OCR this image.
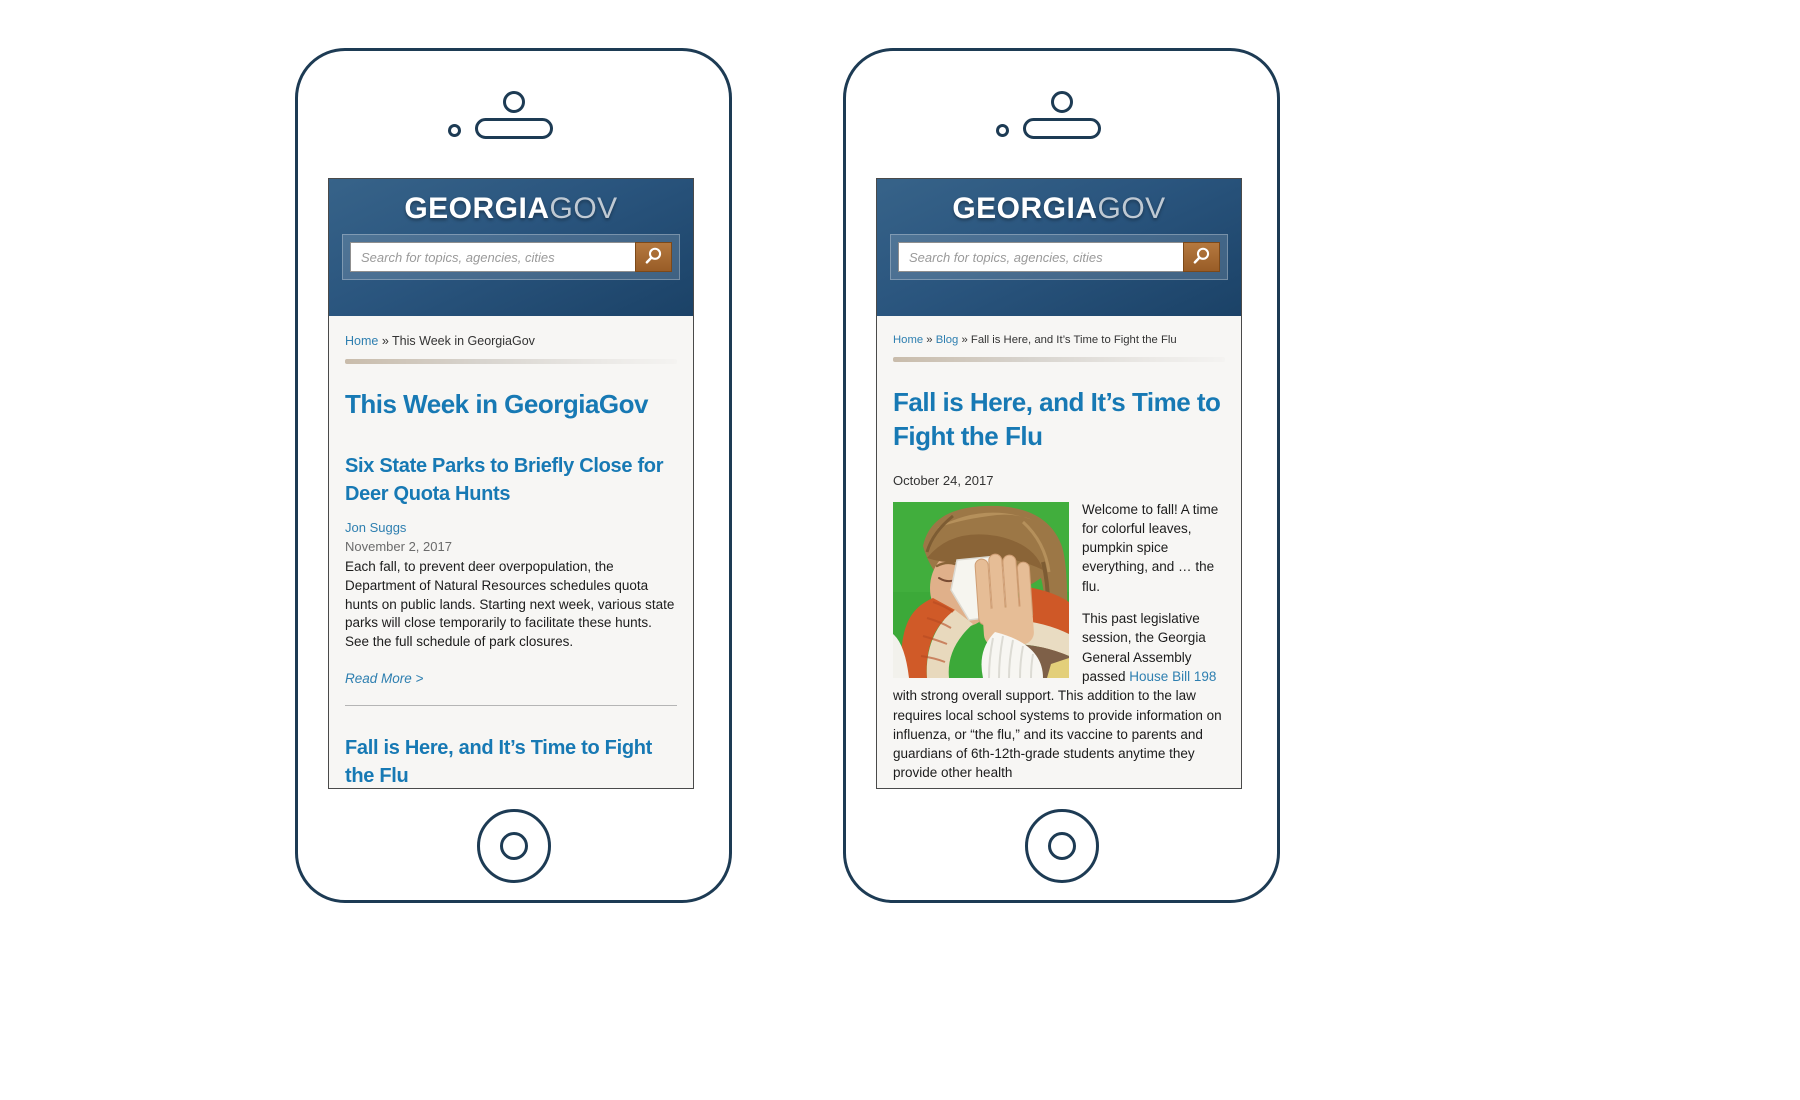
GEORGIAGOV
Search for topics, agencies, cities
Home » This Week in GeorgiaGov
This Week in GeorgiaGov
Six State Parks to Briefly Close for Deer Quota Hunts
Jon Suggs
November 2, 2017
Each fall, to prevent deer overpopulation, the Department of Natural Resources schedules quota hunts on public lands. Starting next week, various state parks will close temporarily to facilitate these hunts. See the full schedule of park closures.
Read More >
Fall is Here, and It’s Time to Fight the Flu
GEORGIAGOV
Search for topics, agencies, cities
Home » Blog » Fall is Here, and It’s Time to Fight the Flu
Fall is Here, and It’s Time to Fight the Flu
October 24, 2017

Welcome to fall! A time for colorful leaves, pumpkin spice everything, and … the flu.

This past legislative session, the Georgia General Assembly passed House Bill 198 with strong overall support. This addition to the law requires local school systems to provide information on influenza, or “the flu,” and its vaccine to parents and guardians of 6th-12th-grade students anytime they provide other health
